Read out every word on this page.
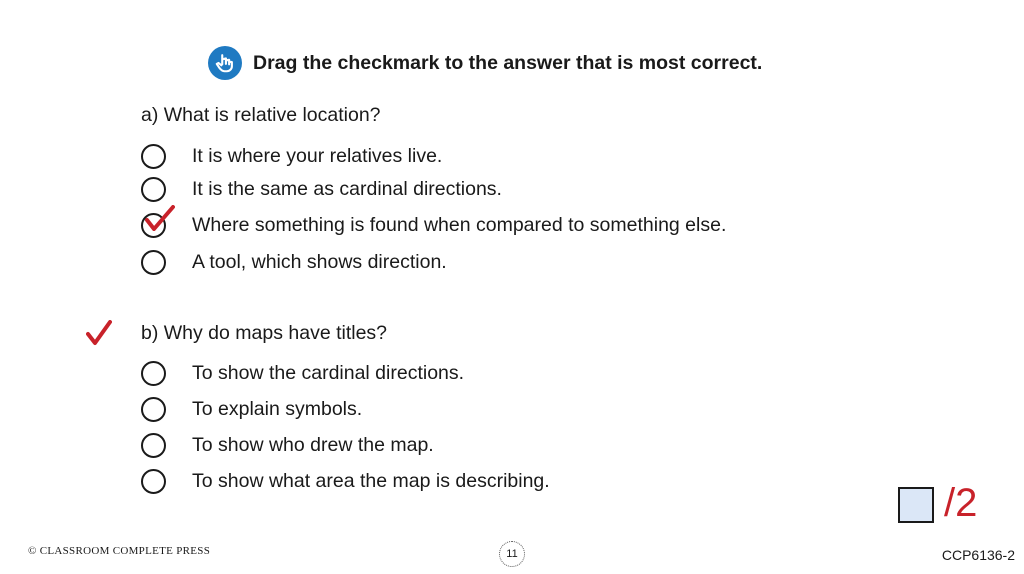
Drag the checkmark to the answer that is most correct.
a) What is relative location?
It is where your relatives live.
It is the same as cardinal directions.
Where something is found when compared to something else.
A tool, which shows direction.
b) Why do maps have titles?
To show the cardinal directions.
To explain symbols.
To show who drew the map.
To show what area the map is describing.
/2
© CLASSROOM COMPLETE PRESS	11	CCP6136-2
